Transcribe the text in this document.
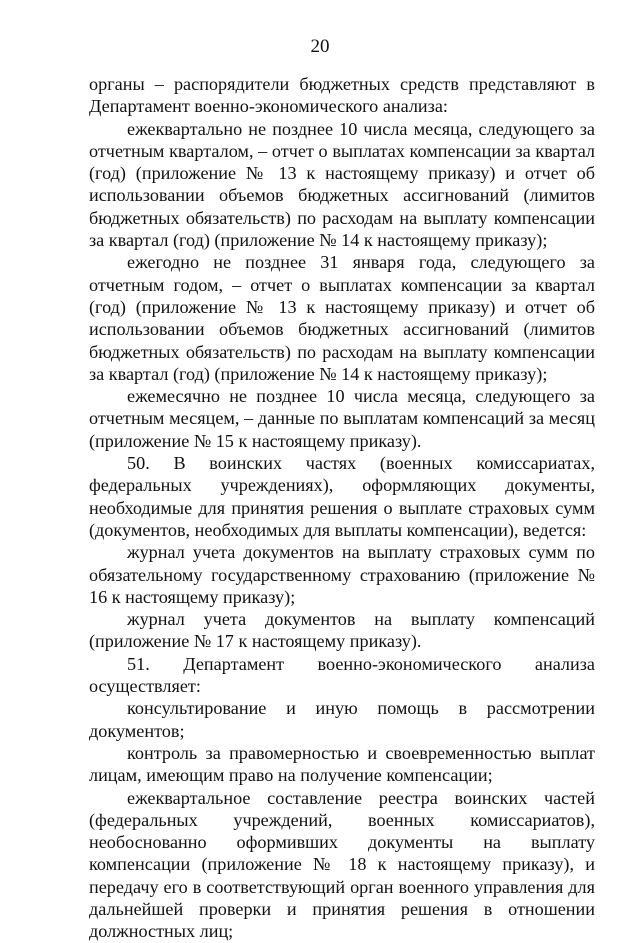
20

органы – распорядители бюджетных средств представляют в Департамент военно-экономического анализа:

ежеквартально не позднее 10 числа месяца, следующего за отчетным кварталом, – отчет о выплатах компенсации за квартал (год) (приложение № 13 к настоящему приказу) и отчет об использовании объемов бюджетных ассигнований (лимитов бюджетных обязательств) по расходам на выплату компенсации за квартал (год) (приложение № 14 к настоящему приказу);

ежегодно не позднее 31 января года, следующего за отчетным годом, – отчет о выплатах компенсации за квартал (год) (приложение № 13 к настоящему приказу) и отчет об использовании объемов бюджетных ассигнований (лимитов бюджетных обязательств) по расходам на выплату компенсации за квартал (год) (приложение № 14 к настоящему приказу);

ежемесячно не позднее 10 числа месяца, следующего за отчетным месяцем, – данные по выплатам компенсаций за месяц (приложение № 15 к настоящему приказу).

50. В воинских частях (военных комиссариатах, федеральных учреждениях), оформляющих документы, необходимые для принятия решения о выплате страховых сумм (документов, необходимых для выплаты компенсации), ведется:

журнал учета документов на выплату страховых сумм по обязательному государственному страхованию (приложение № 16 к настоящему приказу);

журнал учета документов на выплату компенсаций (приложение № 17 к настоящему приказу).

51. Департамент военно-экономического анализа осуществляет:

консультирование и иную помощь в рассмотрении документов;

контроль за правомерностью и своевременностью выплат лицам, имеющим право на получение компенсации;

ежеквартальное составление реестра воинских частей (федеральных учреждений, военных комиссариатов), необоснованно оформивших документы на выплату компенсации (приложение № 18 к настоящему приказу), и передачу его в соответствующий орган военного управления для дальнейшей проверки и принятия решения в отношении должностных лиц;
